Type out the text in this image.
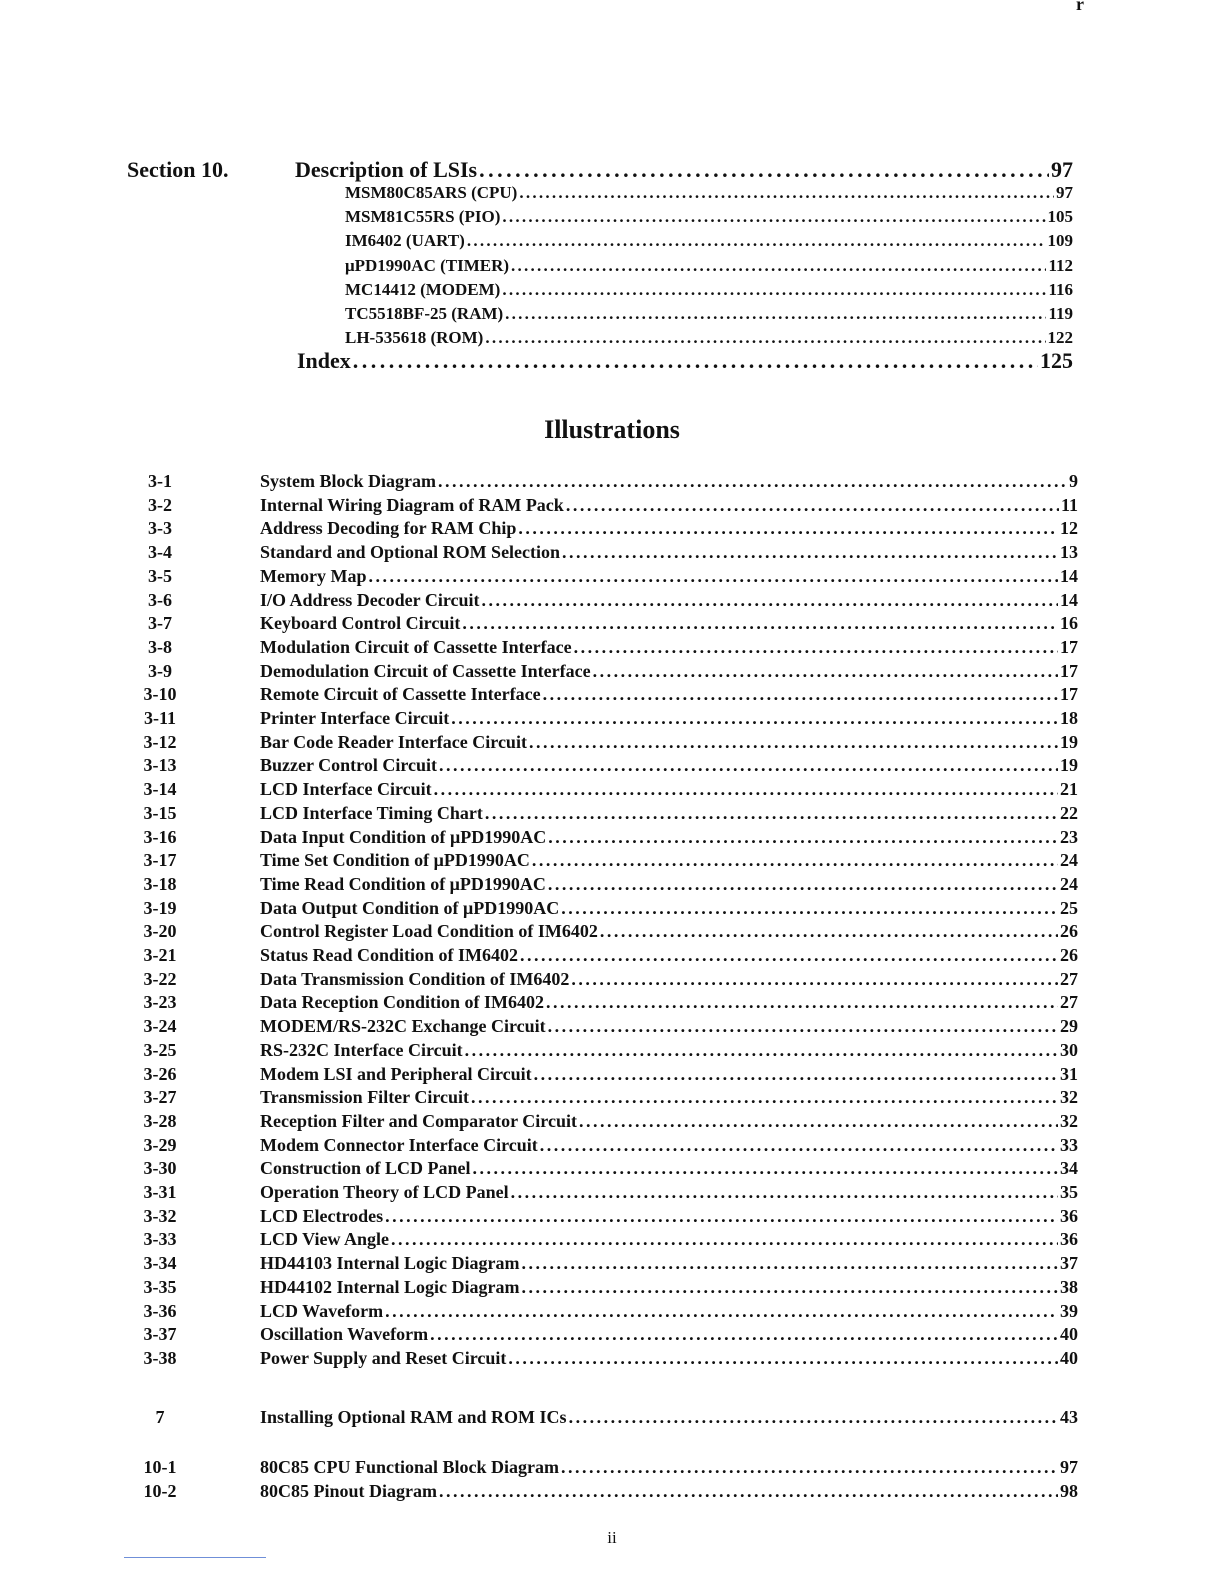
r
Section 10.	Description of LSIs . . .	97
MSM80C85ARS (CPU) . . .	97
MSM81C55RS (PIO) . . .	105
IM6402 (UART) . . .	109
μPD1990AC (TIMER) . . .	112
MC14412 (MODEM) . . .	116
TC5518BF-25 (RAM) . . .	119
LH-535618 (ROM) . . .	122
Index . . .	125
Illustrations
3-1	System Block Diagram . . .	9
3-2	Internal Wiring Diagram of RAM Pack . . .	11
3-3	Address Decoding for RAM Chip . . .	12
3-4	Standard and Optional ROM Selection . . .	13
3-5	Memory Map . . .	14
3-6	I/O Address Decoder Circuit . . .	14
3-7	Keyboard Control Circuit . . .	16
3-8	Modulation Circuit of Cassette Interface . . .	17
3-9	Demodulation Circuit of Cassette Interface . . .	17
3-10	Remote Circuit of Cassette Interface . . .	17
3-11	Printer Interface Circuit . . .	18
3-12	Bar Code Reader Interface Circuit . . .	19
3-13	Buzzer Control Circuit . . .	19
3-14	LCD Interface Circuit . . .	21
3-15	LCD Interface Timing Chart . . .	22
3-16	Data Input Condition of μPD1990AC . . .	23
3-17	Time Set Condition of μPD1990AC . . .	24
3-18	Time Read Condition of μPD1990AC . . .	24
3-19	Data Output Condition of μPD1990AC . . .	25
3-20	Control Register Load Condition of IM6402 . . .	26
3-21	Status Read Condition of IM6402 . . .	26
3-22	Data Transmission Condition of IM6402 . . .	27
3-23	Data Reception Condition of IM6402 . . .	27
3-24	MODEM/RS-232C Exchange Circuit . . .	29
3-25	RS-232C Interface Circuit . . .	30
3-26	Modem LSI and Peripheral Circuit . . .	31
3-27	Transmission Filter Circuit . . .	32
3-28	Reception Filter and Comparator Circuit . . .	32
3-29	Modem Connector Interface Circuit . . .	33
3-30	Construction of LCD Panel . . .	34
3-31	Operation Theory of LCD Panel . . .	35
3-32	LCD Electrodes . . .	36
3-33	LCD View Angle . . .	36
3-34	HD44103 Internal Logic Diagram . . .	37
3-35	HD44102 Internal Logic Diagram . . .	38
3-36	LCD Waveform . . .	39
3-37	Oscillation Waveform . . .	40
3-38	Power Supply and Reset Circuit . . .	40
7	Installing Optional RAM and ROM ICs . . .	43
10-1	80C85 CPU Functional Block Diagram . . .	97
10-2	80C85 Pinout Diagram . . .	98
ii
